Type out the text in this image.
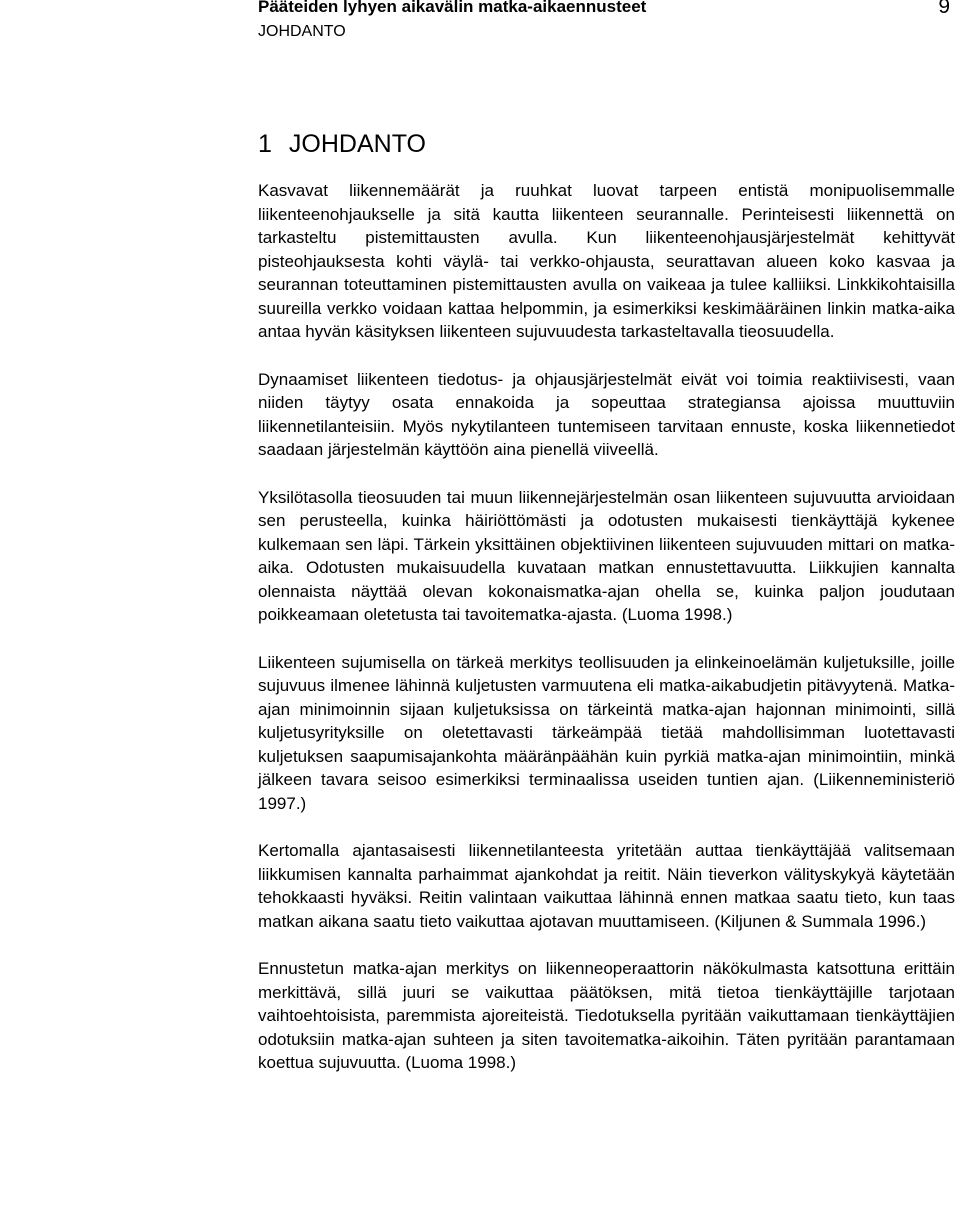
Pääteiden lyhyen aikavälin matka-aikaennusteet
JOHDANTO
9
1 JOHDANTO

Kasvavat liikennemäärät ja ruuhkat luovat tarpeen entistä monipuolisemmalle liikenteenohjaukselle ja sitä kautta liikenteen seurannalle. Perinteisesti liikennettä on tarkasteltu pistemittausten avulla. Kun liikenteenohjausjärjestelmät kehittyvät pisteohjauksesta kohti väylä- tai verkko-ohjausta, seurattavan alueen koko kasvaa ja seurannan toteuttaminen pistemittausten avulla on vaikeaa ja tulee kalliiksi. Linkkikohtaisilla suureilla verkko voidaan kattaa helpommin, ja esimerkiksi keskimääräinen linkin matka-aika antaa hyvän käsityksen liikenteen sujuvuudesta tarkasteltavalla tieosuudella.

Dynaamiset liikenteen tiedotus- ja ohjausjärjestelmät eivät voi toimia reaktiivisesti, vaan niiden täytyy osata ennakoida ja sopeuttaa strategiansa ajoissa muuttuviin liikennetilanteisiin. Myös nykytilanteen tuntemiseen tarvitaan ennuste, koska liikennetiedot saadaan järjestelmän käyttöön aina pienellä viiveellä.

Yksilötasolla tieosuuden tai muun liikennejärjestelmän osan liikenteen sujuvuutta arvioidaan sen perusteella, kuinka häiriöttömästi ja odotusten mukaisesti tienkäyttäjä kykenee kulkemaan sen läpi. Tärkein yksittäinen objektiivinen liikenteen sujuvuuden mittari on matka-aika. Odotusten mukaisuudella kuvataan matkan ennustettavuutta. Liikkujien kannalta olennaista näyttää olevan kokonaismatka-ajan ohella se, kuinka paljon joudutaan poikkeamaan oletetusta tai tavoitematka-ajasta. (Luoma 1998.)

Liikenteen sujumisella on tärkeä merkitys teollisuuden ja elinkeinoelämän kuljetuksille, joille sujuvuus ilmenee lähinnä kuljetusten varmuutena eli matka-aikabudjetin pitävyytenä. Matka-ajan minimoinnin sijaan kuljetuksissa on tärkeintä matka-ajan hajonnan minimointi, sillä kuljetusyrityksille on oletettavasti tärkeämpää tietää mahdollisimman luotettavasti kuljetuksen saapumisajankohta määränpäähän kuin pyrkiä matka-ajan minimointiin, minkä jälkeen tavara seisoo esimerkiksi terminaalissa useiden tuntien ajan. (Liikenneministeriö 1997.)

Kertomalla ajantasaisesti liikennetilanteesta yritetään auttaa tienkäyttäjää valitsemaan liikkumisen kannalta parhaimmat ajankohdat ja reitit. Näin tieverkon välityskykyä käytetään tehokkaasti hyväksi. Reitin valintaan vaikuttaa lähinnä ennen matkaa saatu tieto, kun taas matkan aikana saatu tieto vaikuttaa ajotavan muuttamiseen. (Kiljunen & Summala 1996.)

Ennustetun matka-ajan merkitys on liikenneoperaattorin näkökulmasta katsottuna erittäin merkittävä, sillä juuri se vaikuttaa päätöksen, mitä tietoa tienkäyttäjille tarjotaan vaihtoehtoisista, paremmista ajoreiteistä. Tiedotuksella pyritään vaikuttamaan tienkäyttäjien odotuksiin matka-ajan suhteen ja siten tavoitematka-aikoihin. Täten pyritään parantamaan koettua sujuvuutta. (Luoma 1998.)
